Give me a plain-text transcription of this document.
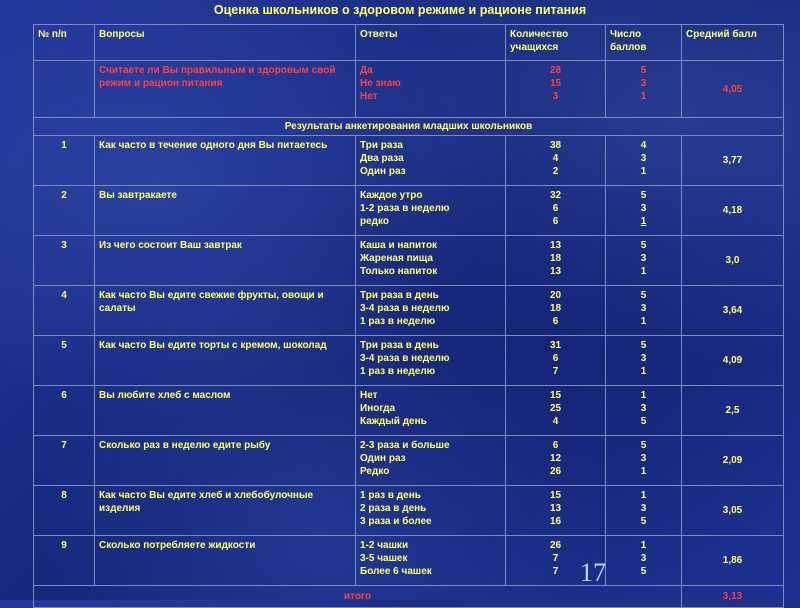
Оценка школьников о здоровом режиме и рационе питания
№ п/п	Вопросы	Ответы	Количество учащихся	Число баллов	Средний балл
	Считаете ли Вы правильным и здоровым свой режим и рацион питания	Да
Не знаю
Нет	28
15
3	5
3
1	4,05
Результаты анкетирования младших школьников					
1	Как часто в течение одного дня Вы питаетесь	Три раза
Два раза
Один раз	38
4
2	4
3
1	3,77
2	Вы завтракаете	Каждое утро
1-2 раза в неделю
редко	32
6
6	5
3
1	4,18
3	Из чего состоит Ваш завтрак	Каша и напиток
Жареная пища
Только напиток	13
18
13	5
3
1	3,0
4	Как часто Вы едите свежие фрукты, овощи и салаты	Три раза в день
3-4 раза в неделю
1 раз в неделю	20
18
6	5
3
1	3,64
5	Как часто Вы едите торты с кремом, шоколад	Три раза в день
3-4 раза в неделю
1 раз в неделю	31
6
7	5
3
1	4,09
6	Вы любите хлеб с маслом	Нет
Иногда
Каждый день	15
25
4	1
3
5	2,5
7	Сколько раз в неделю едите рыбу	2-3 раза и больше
Один раз
Редко	6
12
26	5
3
1	2,09
8	Как часто Вы едите хлеб и хлебобулочные изделия	1 раз в день
2 раза в день
3 раза и более	15
13
16	1
3
5	3,05
9	Сколько потребляете жидкости	1-2 чашки
3-5 чашек
Более 6 чашек	26
7
7	1
3
5	1,86
итого					3,13
17
